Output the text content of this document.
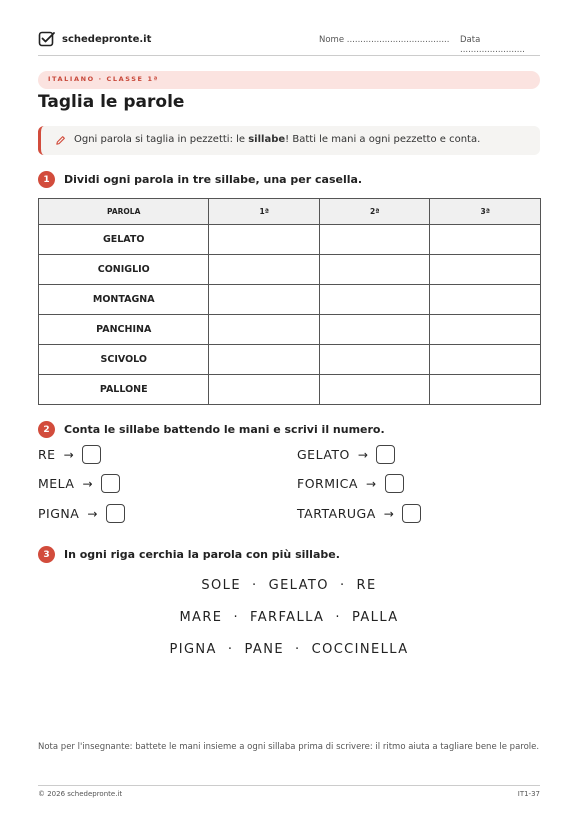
schedepronte.it	Nome ...................................... Data ........................
ITALIANO · CLASSE 1ª
Taglia le parole
Ogni parola si taglia in pezzetti: le sillabe! Batti le mani a ogni pezzetto e conta.
1	Dividi ogni parola in tre sillabe, una per casella.
PAROLA	1ª	2ª	3ª
GELATO			
CONIGLIO			
MONTAGNA			
PANCHINA			
SCIVOLO			
PALLONE			
2	Conta le sillabe battendo le mani e scrivi il numero.
RE →
MELA →
PIGNA →
GELATO →
FORMICA →
TARTARUGA →
3	In ogni riga cerchia la parola con più sillabe.
SOLE  ·  GELATO  ·  RE
MARE  ·  FARFALLA  ·  PALLA
PIGNA  ·  PANE  ·  COCCINELLA
Nota per l'insegnante: battete le mani insieme a ogni sillaba prima di scrivere: il ritmo aiuta a tagliare bene le parole.
© 2026 schedepronte.it	IT1-37
